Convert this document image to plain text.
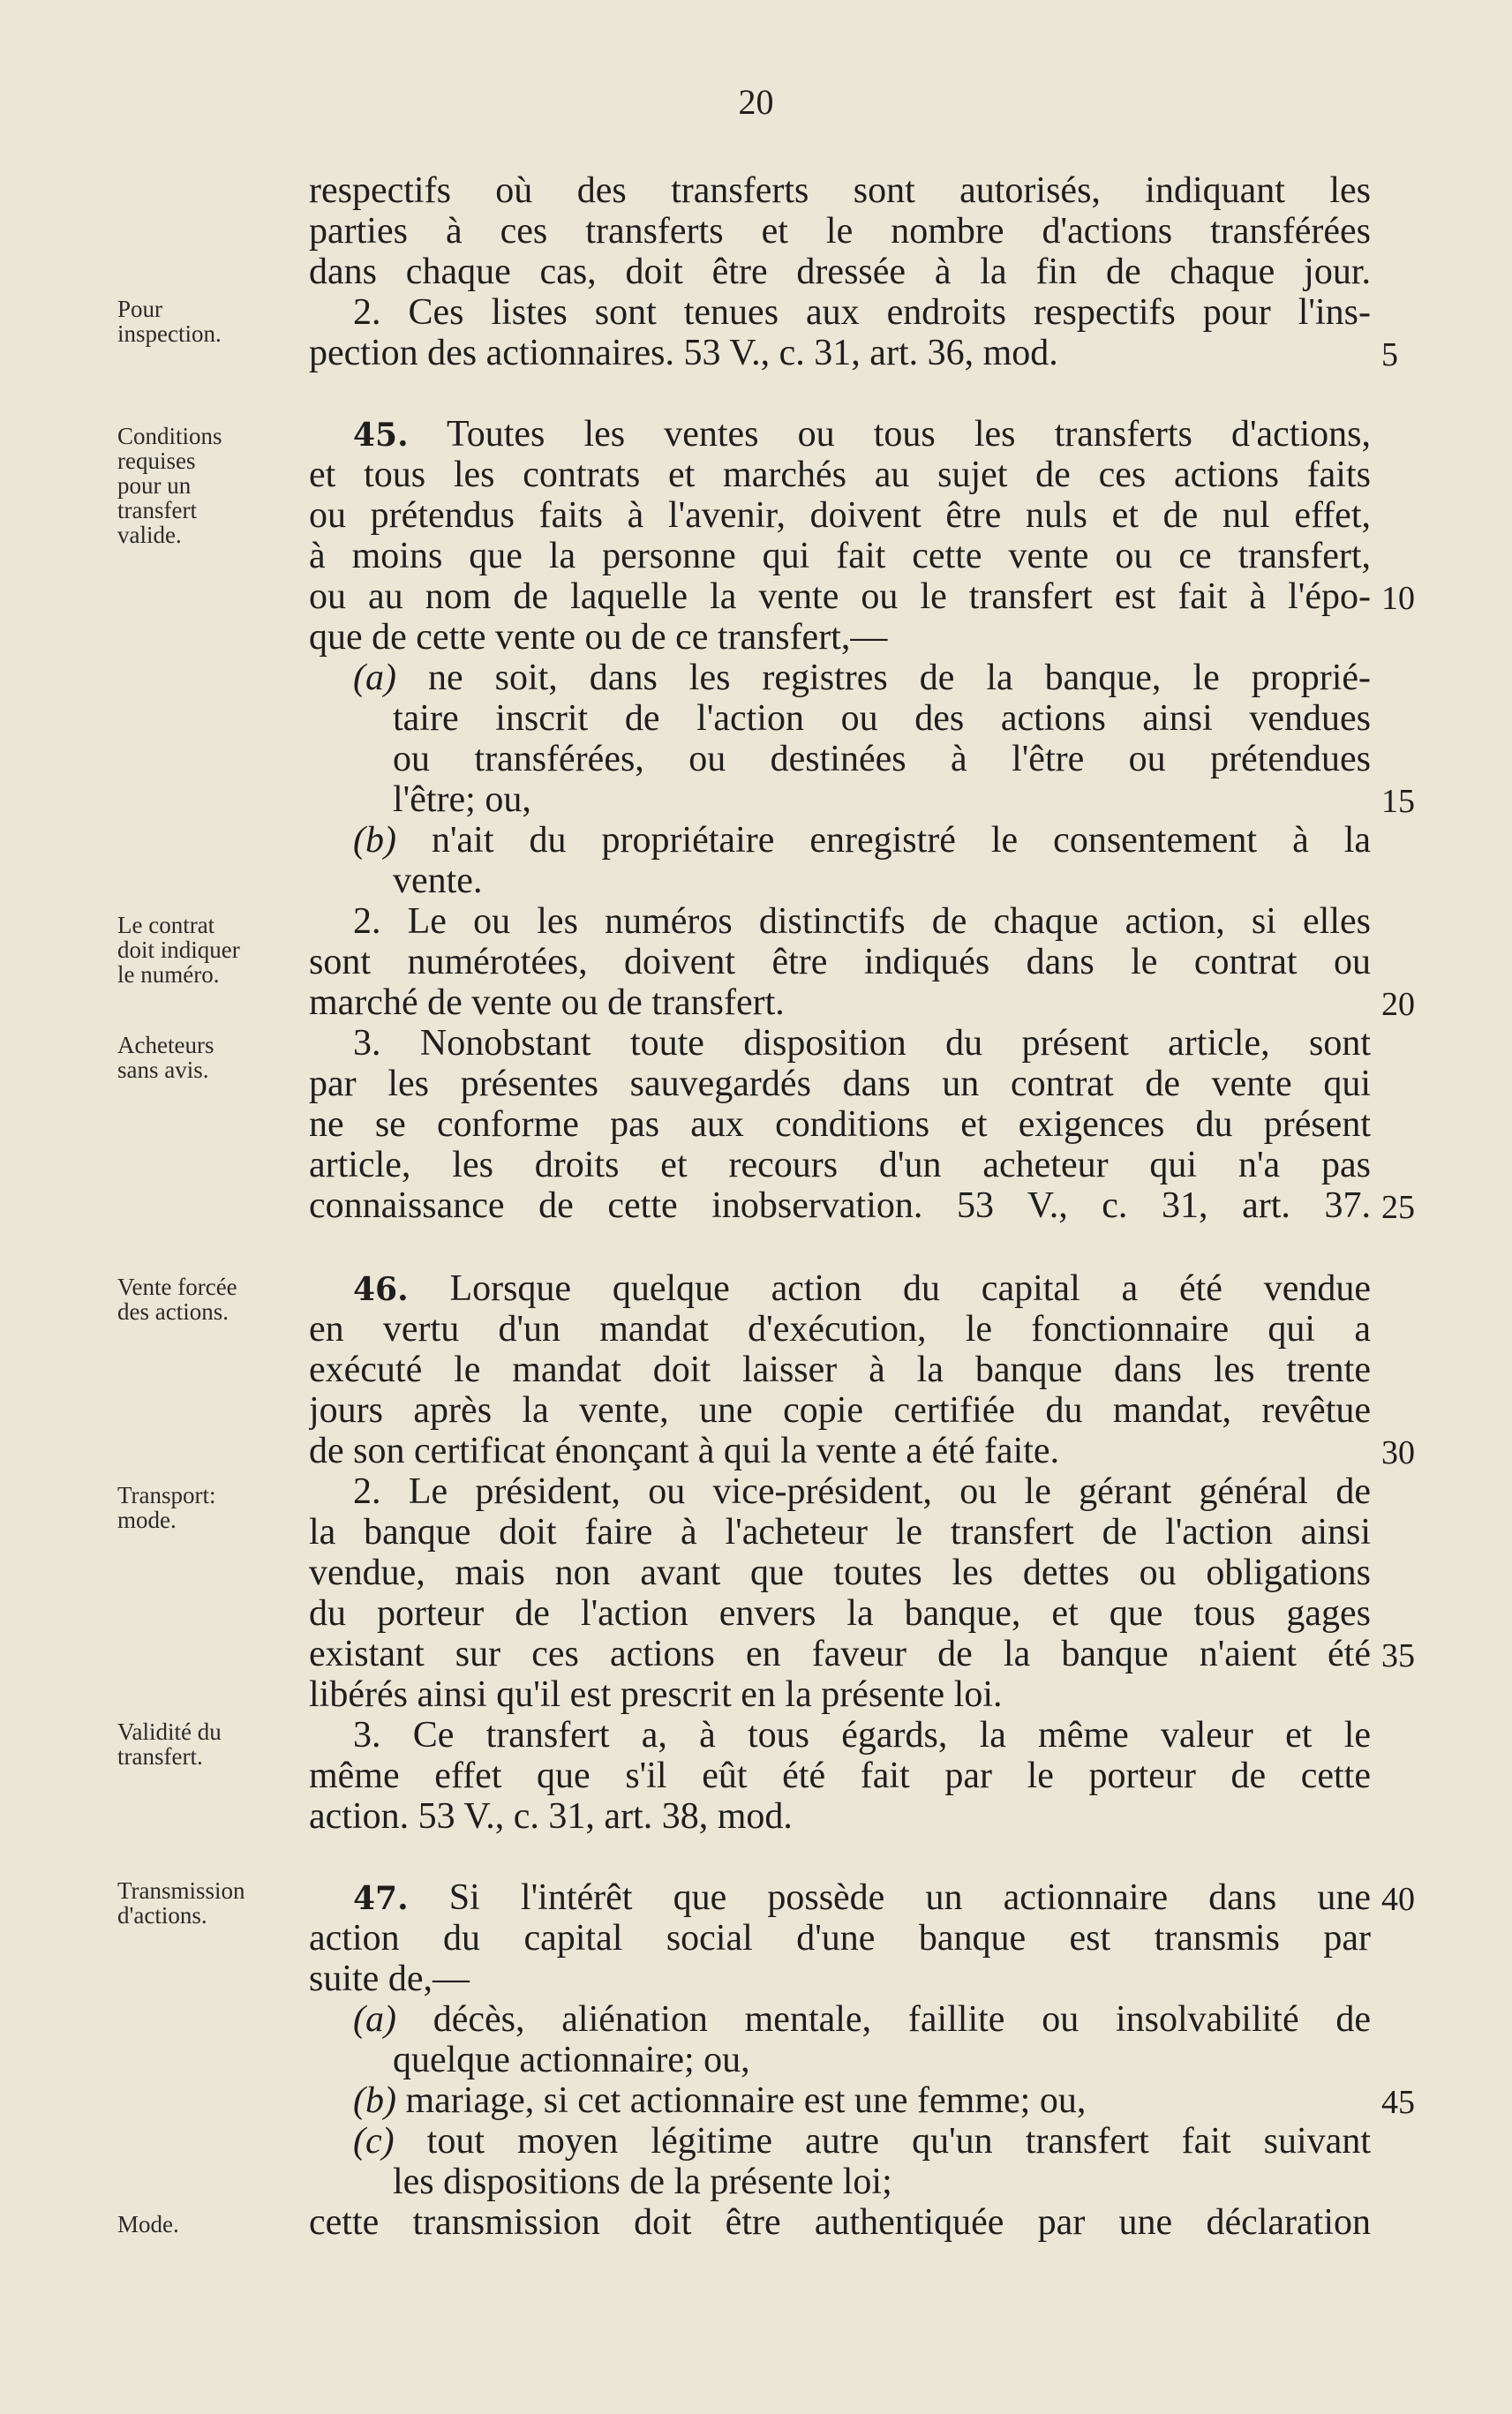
20
Pour
inspection.
Conditions
requises
pour un
transfert
valide.
Le contrat
doit indiquer
le numéro.
Acheteurs
sans avis.
Vente forcée
des actions.
Transport:
mode.
Validité du
transfert.
Transmission
d'actions.
Mode.
respectifs où des transferts sont autorisés, indiquant les
parties à ces transferts et le nombre d'actions transférées
dans chaque cas, doit être dressée à la fin de chaque jour.
2. Ces listes sont tenues aux endroits respectifs pour l'ins-
pection des actionnaires. 53 V., c. 31, art. 36, mod.
45. Toutes les ventes ou tous les transferts d'actions,
et tous les contrats et marchés au sujet de ces actions faits
ou prétendus faits à l'avenir, doivent être nuls et de nul effet,
à moins que la personne qui fait cette vente ou ce transfert,
ou au nom de laquelle la vente ou le transfert est fait à l'épo-
que de cette vente ou de ce transfert,—
(a) ne soit, dans les registres de la banque, le proprié-
taire inscrit de l'action ou des actions ainsi vendues
ou transférées, ou destinées à l'être ou prétendues
l'être; ou,
(b) n'ait du propriétaire enregistré le consentement à la
vente.
2. Le ou les numéros distinctifs de chaque action, si elles
sont numérotées, doivent être indiqués dans le contrat ou
marché de vente ou de transfert.
3. Nonobstant toute disposition du présent article, sont
par les présentes sauvegardés dans un contrat de vente qui
ne se conforme pas aux conditions et exigences du présent
article, les droits et recours d'un acheteur qui n'a pas
connaissance de cette inobservation. 53 V., c. 31, art. 37.
46. Lorsque quelque action du capital a été vendue
en vertu d'un mandat d'exécution, le fonctionnaire qui a
exécuté le mandat doit laisser à la banque dans les trente
jours après la vente, une copie certifiée du mandat, revêtue
de son certificat énonçant à qui la vente a été faite.
2. Le président, ou vice-président, ou le gérant général de
la banque doit faire à l'acheteur le transfert de l'action ainsi
vendue, mais non avant que toutes les dettes ou obligations
du porteur de l'action envers la banque, et que tous gages
existant sur ces actions en faveur de la banque n'aient été
libérés ainsi qu'il est prescrit en la présente loi.
3. Ce transfert a, à tous égards, la même valeur et le
même effet que s'il eût été fait par le porteur de cette
action. 53 V., c. 31, art. 38, mod.
47. Si l'intérêt que possède un actionnaire dans une
action du capital social d'une banque est transmis par
suite de,—
(a) décès, aliénation mentale, faillite ou insolvabilité de
quelque actionnaire; ou,
(b) mariage, si cet actionnaire est une femme; ou,
(c) tout moyen légitime autre qu'un transfert fait suivant
les dispositions de la présente loi;
cette transmission doit être authentiquée par une déclaration
5
10
15
20
25
30
35
40
45
